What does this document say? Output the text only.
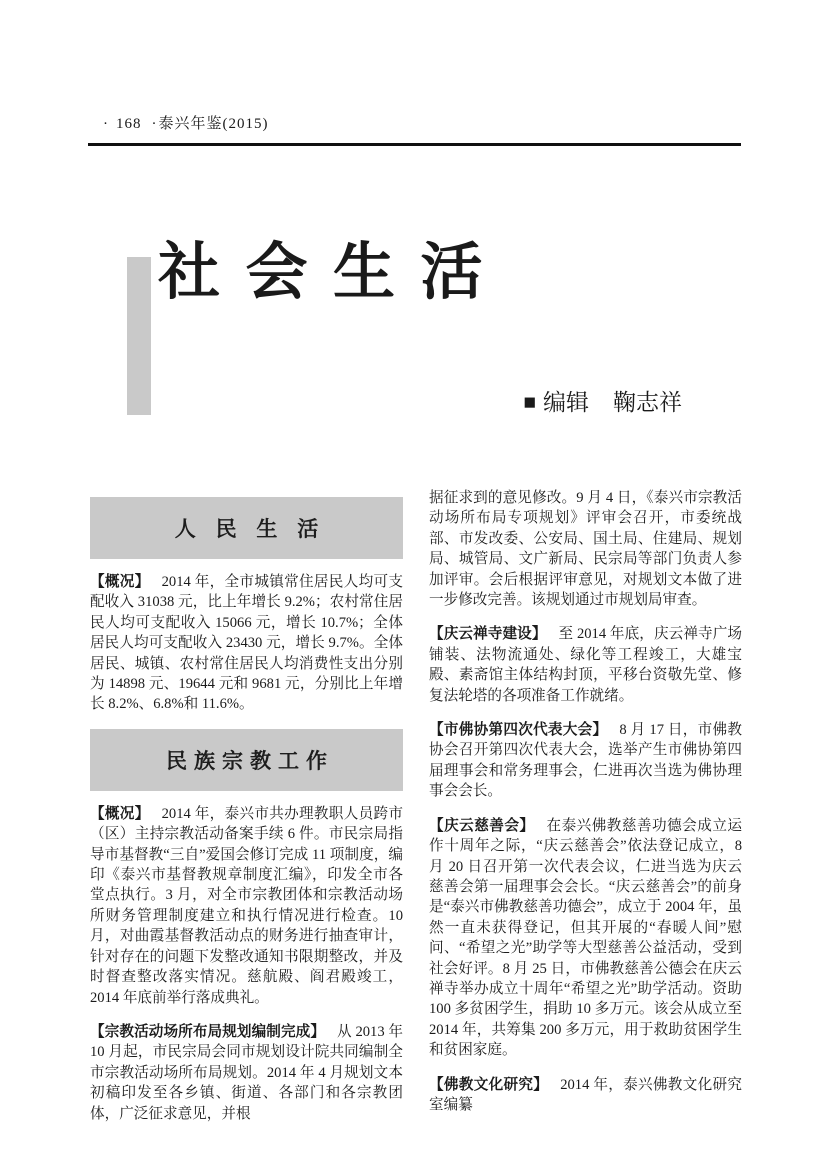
· 168 ·泰兴年鉴(2015)
社 会 生 活
■ 编辑 鞠志祥
人 民 生 活

【概况】 2014 年，全市城镇常住居民人均可支配收入 31038 元，比上年增长 9.2%；农村常住居民人均可支配收入 15066 元，增长 10.7%；全体居民人均可支配收入 23430 元，增长 9.7%。全体居民、城镇、农村常住居民人均消费性支出分别为 14898 元、19644 元和 9681 元，分别比上年增长 8.2%、6.8%和 11.6%。

民族宗教工作

【概况】 2014 年，泰兴市共办理教职人员跨市（区）主持宗教活动备案手续 6 件。市民宗局指导市基督教“三自”爱国会修订完成 11 项制度，编印《泰兴市基督教规章制度汇编》，印发全市各堂点执行。3 月，对全市宗教团体和宗教活动场所财务管理制度建立和执行情况进行检查。10 月，对曲霞基督教活动点的财务进行抽查审计，针对存在的问题下发整改通知书限期整改，并及时督查整改落实情况。慈航殿、阎君殿竣工，2014 年底前举行落成典礼。

【宗教活动场所布局规划编制完成】 从 2013 年 10 月起，市民宗局会同市规划设计院共同编制全市宗教活动场所布局规划。2014 年 4 月规划文本初稿印发至各乡镇、街道、各部门和各宗教团体，广泛征求意见，并根

据征求到的意见修改。9 月 4 日，《泰兴市宗教活动场所布局专项规划》评审会召开，市委统战部、市发改委、公安局、国土局、住建局、规划局、城管局、文广新局、民宗局等部门负责人参加评审。会后根据评审意见，对规划文本做了进一步修改完善。该规划通过市规划局审查。

【庆云禅寺建设】 至 2014 年底，庆云禅寺广场铺装、法物流通处、绿化等工程竣工，大雄宝殿、素斋馆主体结构封顶，平移台资敬先堂、修复法轮塔的各项准备工作就绪。

【市佛协第四次代表大会】 8 月 17 日，市佛教协会召开第四次代表大会，选举产生市佛协第四届理事会和常务理事会，仁进再次当选为佛协理事会会长。

【庆云慈善会】 在泰兴佛教慈善功德会成立运作十周年之际，“庆云慈善会”依法登记成立，8 月 20 日召开第一次代表会议，仁进当选为庆云慈善会第一届理事会会长。“庆云慈善会”的前身是“泰兴市佛教慈善功德会”，成立于 2004 年，虽然一直未获得登记，但其开展的“春暖人间”慰问、“希望之光”助学等大型慈善公益活动，受到社会好评。8 月 25 日，市佛教慈善公德会在庆云禅寺举办成立十周年“希望之光”助学活动。资助 100 多贫困学生，捐助 10 多万元。该会从成立至 2014 年，共筹集 200 多万元，用于救助贫困学生和贫困家庭。

【佛教文化研究】 2014 年，泰兴佛教文化研究室编纂
